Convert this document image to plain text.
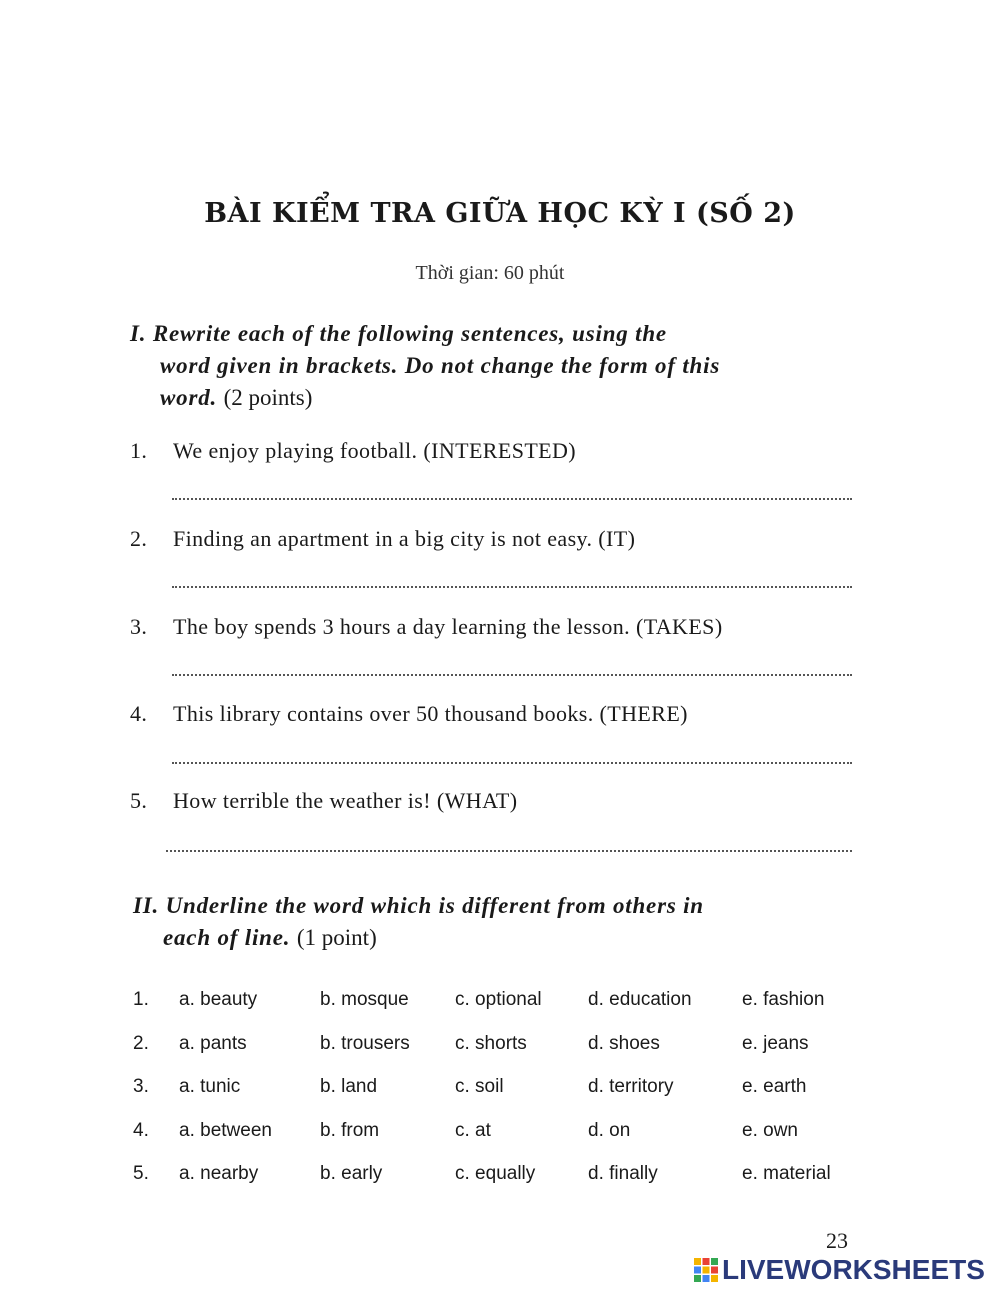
BÀI KIỂM TRA GIỮA HỌC KỲ I (SỐ 2)
Thời gian: 60 phút
I. Rewrite each of the following sentences, using the
word given in brackets. Do not change the form of this
word. (2 points)
1. We enjoy playing football. (INTERESTED)
2. Finding an apartment in a big city is not easy. (IT)
3. The boy spends 3 hours a day learning the lesson. (TAKES)
4. This library contains over 50 thousand books. (THERE)
5. How terrible the weather is! (WHAT)
II. Underline the word which is different from others in
each of line. (1 point)
1. a. beauty	b. mosque c. optional d. education	e. fashion
2. a. pants	b. trousers c. shorts	d. shoes	e. jeans
3. a. tunic	b. land	c. soil	d. territory	e. earth
4. a. between	b. from	c. at	d. on	e. own
5. a. nearby	b. early	c. equally	d. finally	e. material
23
LIVEWORKSHEETS
